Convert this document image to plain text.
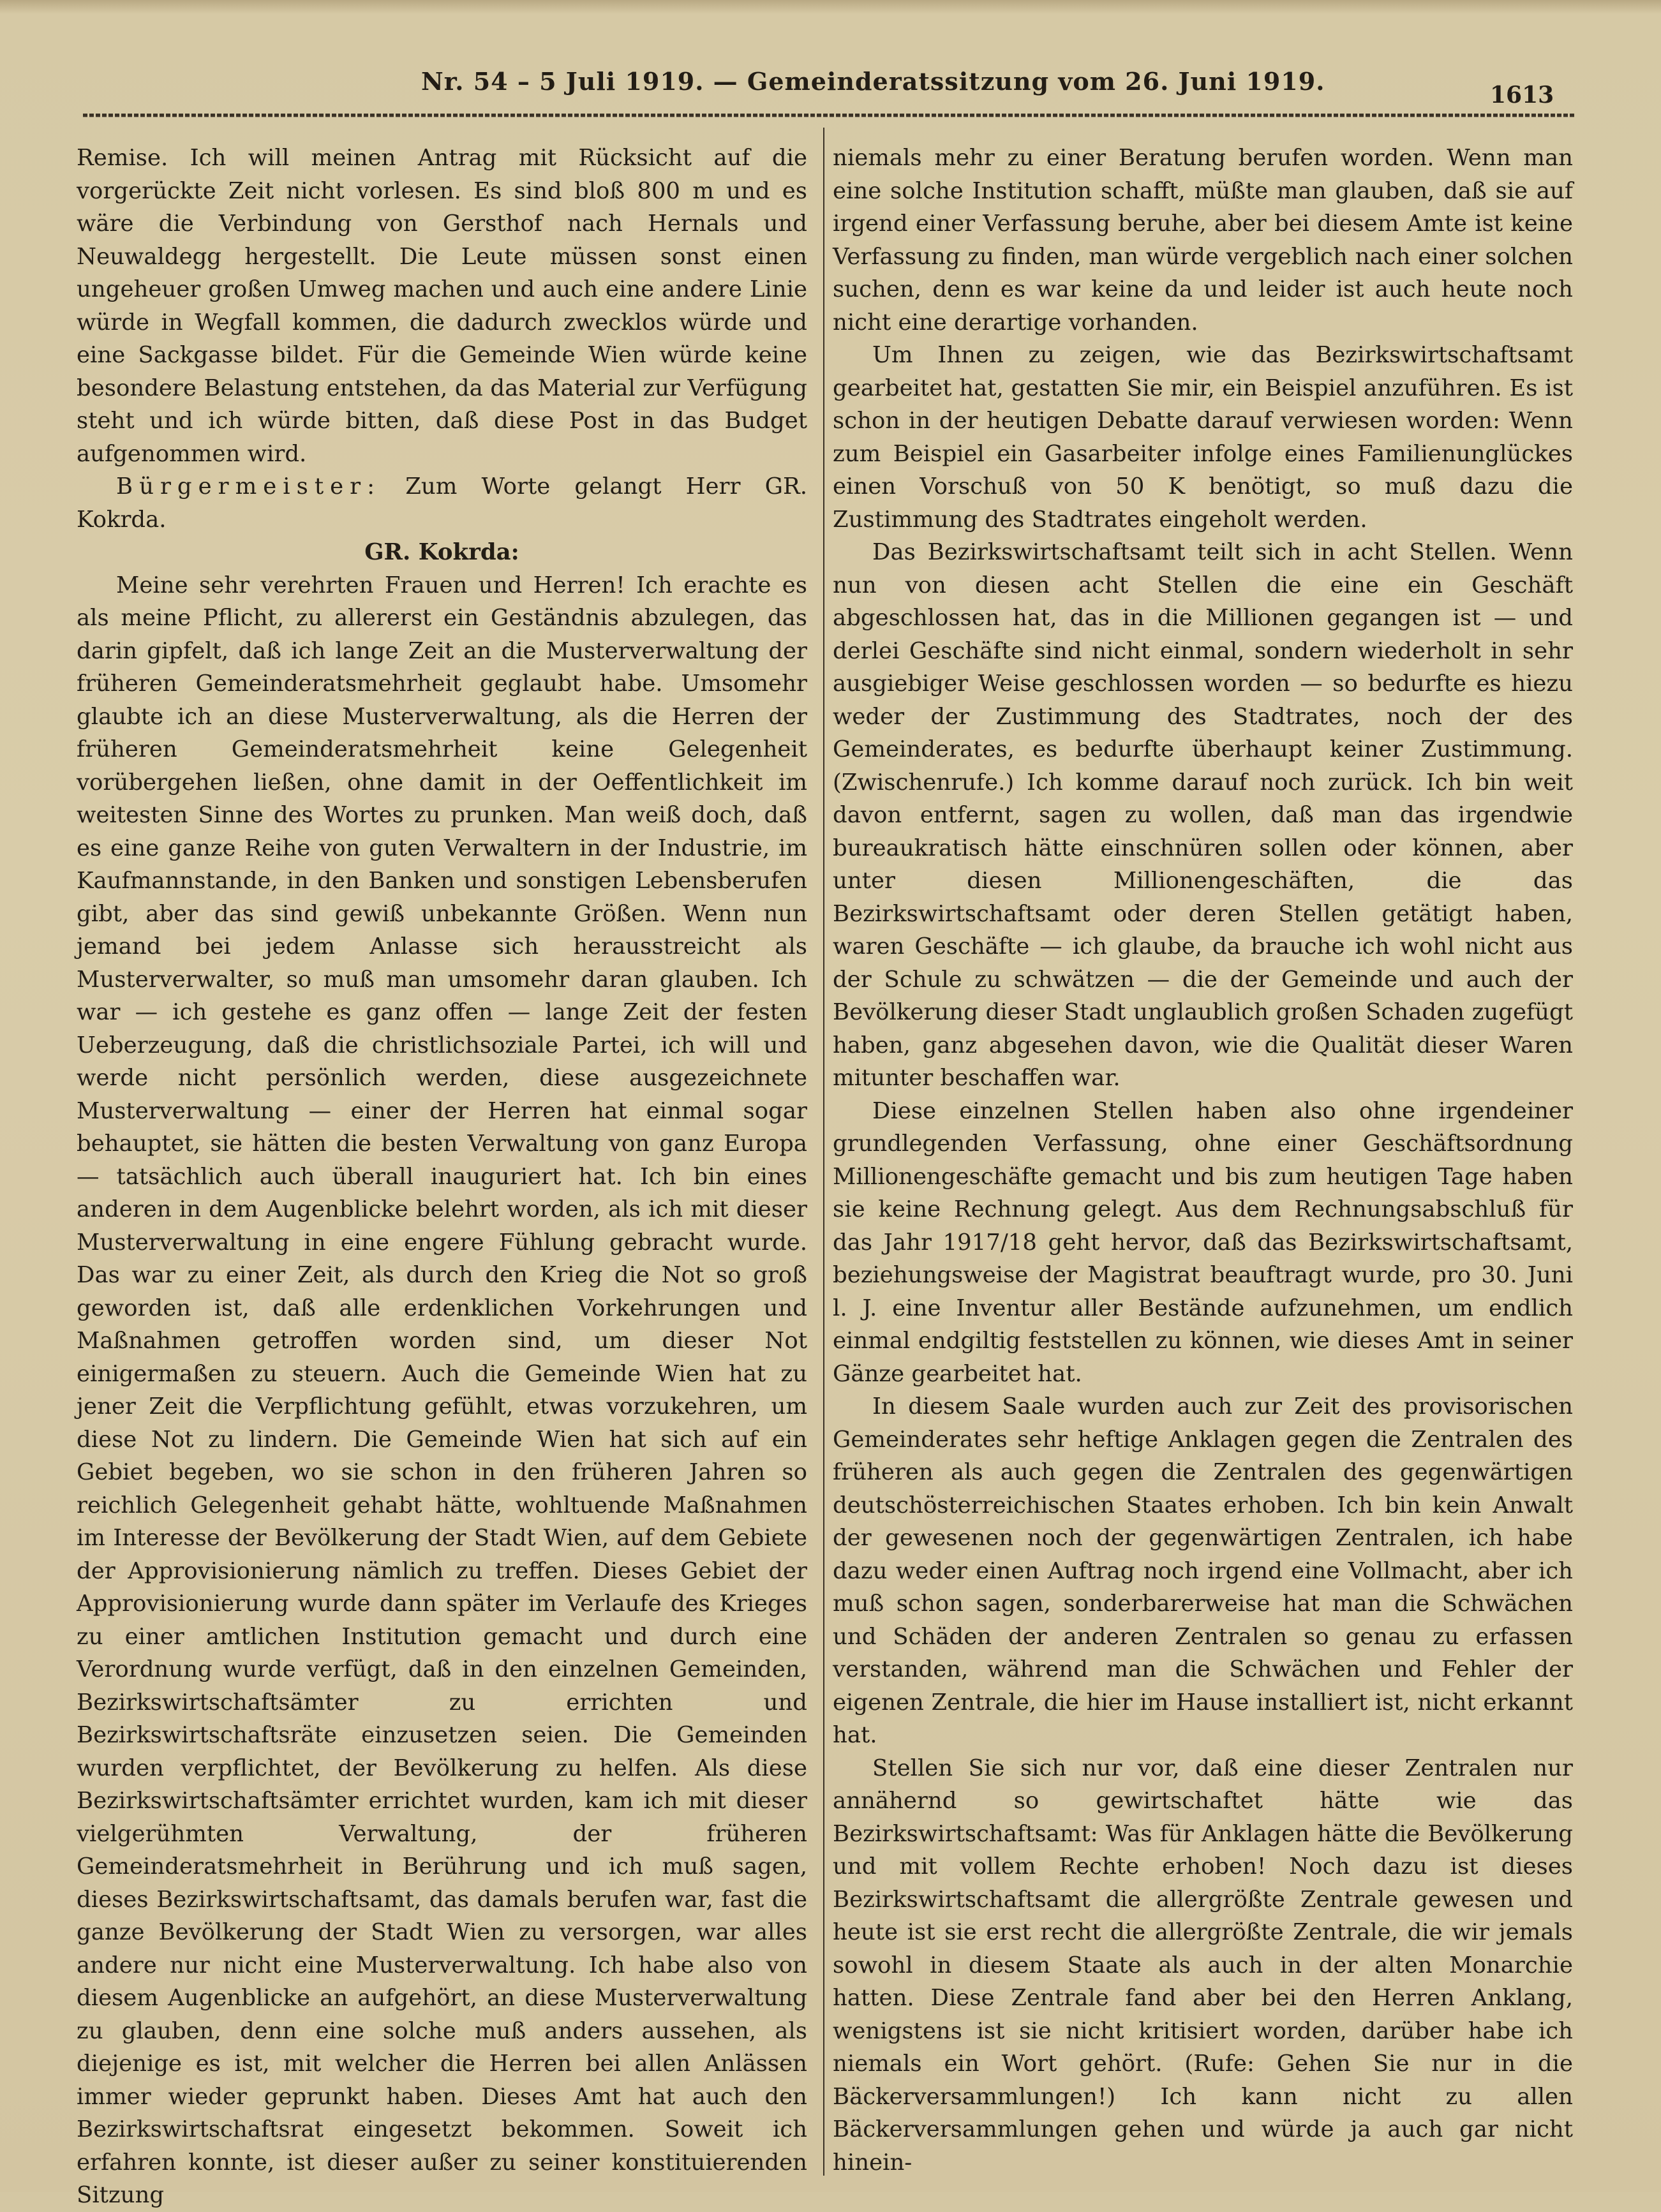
Nr. 54 – 5 Juli 1919. — Gemeinderatssitzung vom 26. Juni 1919.	1613

Remise. Ich will meinen Antrag mit Rücksicht auf die vorgerückte Zeit nicht vorlesen. Es sind bloß 800 m und es wäre die Verbindung von Gersthof nach Hernals und Neuwaldegg hergestellt. Die Leute müssen sonst einen ungeheuer großen Umweg machen und auch eine andere Linie würde in Wegfall kommen, die dadurch zwecklos würde und eine Sackgasse bildet. Für die Gemeinde Wien würde keine besondere Belastung entstehen, da das Material zur Verfügung steht und ich würde bitten, daß diese Post in das Budget aufgenommen wird.

Bürgermeister: Zum Worte gelangt Herr GR. Kokrda.

GR. Kokrda:

Meine sehr verehrten Frauen und Herren! Ich erachte es als meine Pflicht, zu allererst ein Geständnis abzulegen, das darin gipfelt, daß ich lange Zeit an die Musterverwaltung der früheren Gemeinderatsmehrheit geglaubt habe. Umsomehr glaubte ich an diese Musterverwaltung, als die Herren der früheren Gemeinderatsmehrheit keine Gelegenheit vorübergehen ließen, ohne damit in der Oeffentlichkeit im weitesten Sinne des Wortes zu prunken. Man weiß doch, daß es eine ganze Reihe von guten Verwaltern in der Industrie, im Kaufmannstande, in den Banken und sonstigen Lebensberufen gibt, aber das sind gewiß unbekannte Größen. Wenn nun jemand bei jedem Anlasse sich herausstreicht als Musterverwalter, so muß man umsomehr daran glauben. Ich war — ich gestehe es ganz offen — lange Zeit der festen Ueberzeugung, daß die christlichsoziale Partei, ich will und werde nicht persönlich werden, diese ausgezeichnete Musterverwaltung — einer der Herren hat einmal sogar behauptet, sie hätten die besten Verwaltung von ganz Europa — tatsächlich auch überall inauguriert hat. Ich bin eines anderen in dem Augenblicke belehrt worden, als ich mit dieser Musterverwaltung in eine engere Fühlung gebracht wurde. Das war zu einer Zeit, als durch den Krieg die Not so groß geworden ist, daß alle erdenklichen Vorkehrungen und Maßnahmen getroffen worden sind, um dieser Not einigermaßen zu steuern. Auch die Gemeinde Wien hat zu jener Zeit die Verpflichtung gefühlt, etwas vorzukehren, um diese Not zu lindern. Die Gemeinde Wien hat sich auf ein Gebiet begeben, wo sie schon in den früheren Jahren so reichlich Gelegenheit gehabt hätte, wohltuende Maßnahmen im Interesse der Bevölkerung der Stadt Wien, auf dem Gebiete der Approvisionierung nämlich zu treffen. Dieses Gebiet der Approvisionierung wurde dann später im Verlaufe des Krieges zu einer amtlichen Institution gemacht und durch eine Verordnung wurde verfügt, daß in den einzelnen Gemeinden, Bezirkswirtschaftsämter zu errichten und Bezirkswirtschaftsräte einzusetzen seien. Die Gemeinden wurden verpflichtet, der Bevölkerung zu helfen. Als diese Bezirkswirtschaftsämter errichtet wurden, kam ich mit dieser vielgerühmten Verwaltung, der früheren Gemeinderatsmehrheit in Berührung und ich muß sagen, dieses Bezirkswirtschaftsamt, das damals berufen war, fast die ganze Bevölkerung der Stadt Wien zu versorgen, war alles andere nur nicht eine Musterverwaltung. Ich habe also von diesem Augenblicke an aufgehört, an diese Musterverwaltung zu glauben, denn eine solche muß anders aussehen, als diejenige es ist, mit welcher die Herren bei allen Anlässen immer wieder geprunkt haben. Dieses Amt hat auch den Bezirkswirtschaftsrat eingesetzt bekommen. Soweit ich erfahren konnte, ist dieser außer zu seiner konstituierenden Sitzung

niemals mehr zu einer Beratung berufen worden. Wenn man eine solche Institution schafft, müßte man glauben, daß sie auf irgend einer Verfassung beruhe, aber bei diesem Amte ist keine Verfassung zu finden, man würde vergeblich nach einer solchen suchen, denn es war keine da und leider ist auch heute noch nicht eine derartige vorhanden.

Um Ihnen zu zeigen, wie das Bezirkswirtschaftsamt gearbeitet hat, gestatten Sie mir, ein Beispiel anzuführen. Es ist schon in der heutigen Debatte darauf verwiesen worden: Wenn zum Beispiel ein Gasarbeiter infolge eines Familienunglückes einen Vorschuß von 50 K benötigt, so muß dazu die Zustimmung des Stadtrates eingeholt werden.

Das Bezirkswirtschaftsamt teilt sich in acht Stellen. Wenn nun von diesen acht Stellen die eine ein Geschäft abgeschlossen hat, das in die Millionen gegangen ist — und derlei Geschäfte sind nicht einmal, sondern wiederholt in sehr ausgiebiger Weise geschlossen worden — so bedurfte es hiezu weder der Zustimmung des Stadtrates, noch der des Gemeinderates, es bedurfte überhaupt keiner Zustimmung. (Zwischenrufe.) Ich komme darauf noch zurück. Ich bin weit davon entfernt, sagen zu wollen, daß man das irgendwie bureaukratisch hätte einschnüren sollen oder können, aber unter diesen Millionengeschäften, die das Bezirkswirtschaftsamt oder deren Stellen getätigt haben, waren Geschäfte — ich glaube, da brauche ich wohl nicht aus der Schule zu schwätzen — die der Gemeinde und auch der Bevölkerung dieser Stadt unglaublich großen Schaden zugefügt haben, ganz abgesehen davon, wie die Qualität dieser Waren mitunter beschaffen war.

Diese einzelnen Stellen haben also ohne irgendeiner grundlegenden Verfassung, ohne einer Geschäftsordnung Millionengeschäfte gemacht und bis zum heutigen Tage haben sie keine Rechnung gelegt. Aus dem Rechnungsabschluß für das Jahr 1917/18 geht hervor, daß das Bezirkswirtschaftsamt, beziehungsweise der Magistrat beauftragt wurde, pro 30. Juni l. J. eine Inventur aller Bestände aufzunehmen, um endlich einmal endgiltig feststellen zu können, wie dieses Amt in seiner Gänze gearbeitet hat.

In diesem Saale wurden auch zur Zeit des provisorischen Gemeinderates sehr heftige Anklagen gegen die Zentralen des früheren als auch gegen die Zentralen des gegenwärtigen deutschösterreichischen Staates erhoben. Ich bin kein Anwalt der gewesenen noch der gegenwärtigen Zentralen, ich habe dazu weder einen Auftrag noch irgend eine Vollmacht, aber ich muß schon sagen, sonderbarerweise hat man die Schwächen und Schäden der anderen Zentralen so genau zu erfassen verstanden, während man die Schwächen und Fehler der eigenen Zentrale, die hier im Hause installiert ist, nicht erkannt hat.

Stellen Sie sich nur vor, daß eine dieser Zentralen nur annähernd so gewirtschaftet hätte wie das Bezirkswirtschaftsamt: Was für Anklagen hätte die Bevölkerung und mit vollem Rechte erhoben! Noch dazu ist dieses Bezirkswirtschaftsamt die allergrößte Zentrale gewesen und heute ist sie erst recht die allergrößte Zentrale, die wir jemals sowohl in diesem Staate als auch in der alten Monarchie hatten. Diese Zentrale fand aber bei den Herren Anklang, wenigstens ist sie nicht kritisiert worden, darüber habe ich niemals ein Wort gehört. (Rufe: Gehen Sie nur in die Bäckerversammlungen!) Ich kann nicht zu allen Bäckerversammlungen gehen und würde ja auch gar nicht hinein-
